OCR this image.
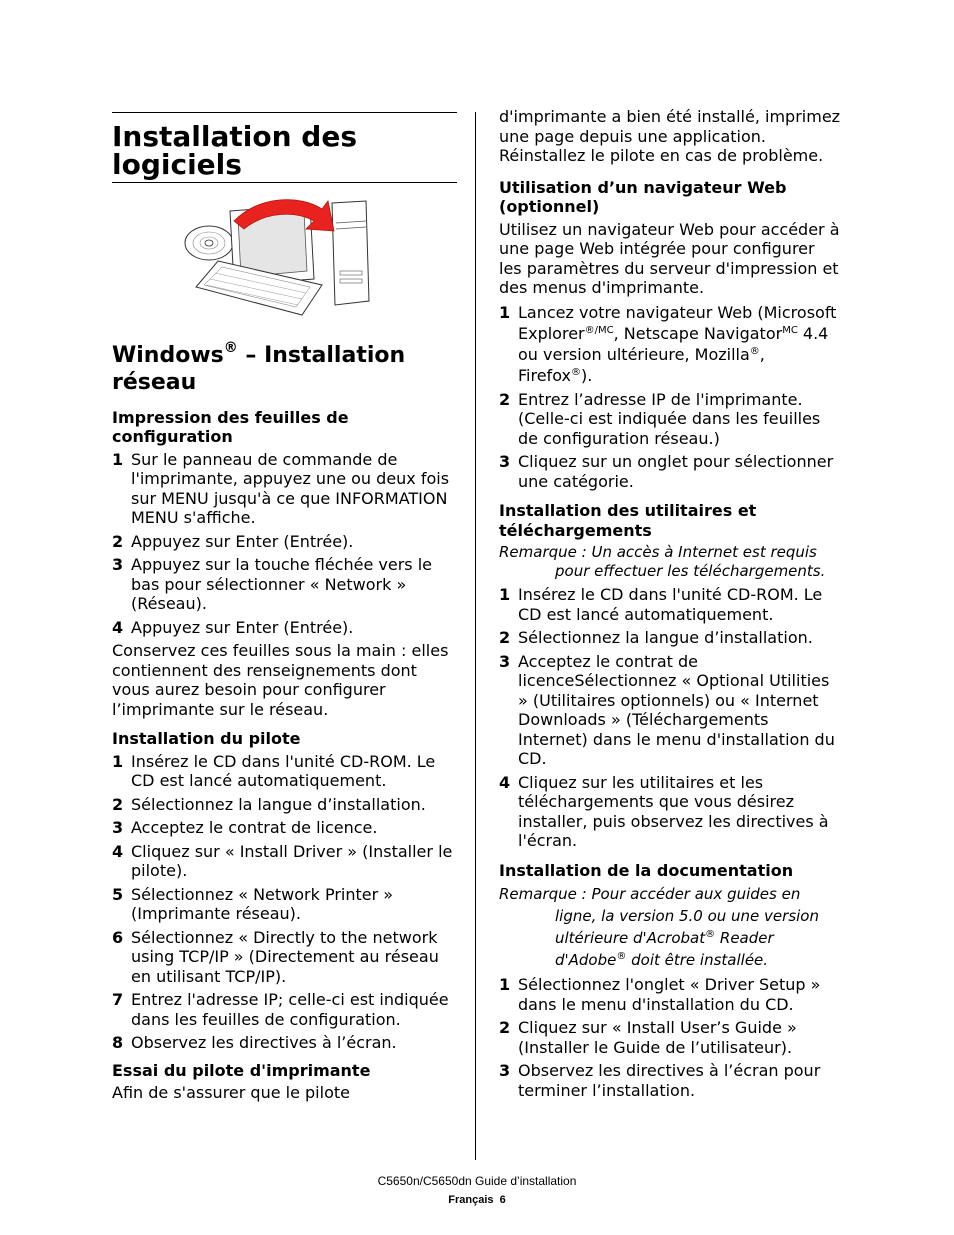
Installation des logiciels
Windows® – Installation réseau
Impression des feuilles de configuration
1 Sur le panneau de commande de l'imprimante, appuyez une ou deux fois sur MENU jusqu'à ce que INFORMATION MENU s'affiche.
2 Appuyez sur Enter (Entrée).
3 Appuyez sur la touche fléchée vers le bas pour sélectionner « Network » (Réseau).
4 Appuyez sur Enter (Entrée).

Conservez ces feuilles sous la main : elles contiennent des renseignements dont vous aurez besoin pour configurer l’imprimante sur le réseau.

Installation du pilote
1 Insérez le CD dans l'unité CD-ROM. Le CD est lancé automatiquement.
2 Sélectionnez la langue d’installation.
3 Acceptez le contrat de licence.
4 Cliquez sur « Install Driver » (Installer le pilote).
5 Sélectionnez « Network Printer » (Imprimante réseau).
6 Sélectionnez « Directly to the network using TCP/IP » (Directement au réseau en utilisant TCP/IP).
7 Entrez l'adresse IP; celle-ci est indiquée dans les feuilles de configuration.
8 Observez les directives à l’écran.
Essai du pilote d'imprimante

Afin de s'assurer que le pilote

d'imprimante a bien été installé, imprimez une page depuis une application. Réinstallez le pilote en cas de problème.

Utilisation d’un navigateur Web (optionnel)

Utilisez un navigateur Web pour accéder à une page Web intégrée pour configurer les paramètres du serveur d'impression et des menus d'imprimante.

1 Lancez votre navigateur Web (Microsoft Explorer$^{®/MC}$, Netscape Navigator$^{MC}$ 4.4 ou version ultérieure, Mozilla®, Firefox®).
2 Entrez l’adresse IP de l'imprimante. (Celle-ci est indiquée dans les feuilles de configuration réseau.)
3 Cliquez sur un onglet pour sélectionner une catégorie.
Installation des utilitaires et téléchargements

Remarque : Un accès à Internet est requis pour effectuer les téléchargements.

1 Insérez le CD dans l'unité CD-ROM. Le CD est lancé automatiquement.
2 Sélectionnez la langue d’installation.
3 Acceptez le contrat de licenceSélectionnez « Optional Utilities » (Utilitaires optionnels) ou « Internet Downloads » (Téléchargements Internet) dans le menu d'installation du CD.
4 Cliquez sur les utilitaires et les téléchargements que vous désirez installer, puis observez les directives à l'écran.
Installation de la documentation

Remarque : Pour accéder aux guides en ligne, la version 5.0 ou une version ultérieure d'Acrobat® Reader d'Adobe® doit être installée.

1 Sélectionnez l'onglet « Driver Setup » dans le menu d'installation du CD.
2 Cliquez sur « Install User’s Guide » (Installer le Guide de l’utilisateur).
3 Observez les directives à l’écran pour terminer l’installation.
C5650n/C5650dn Guide d’installation
Français 6
